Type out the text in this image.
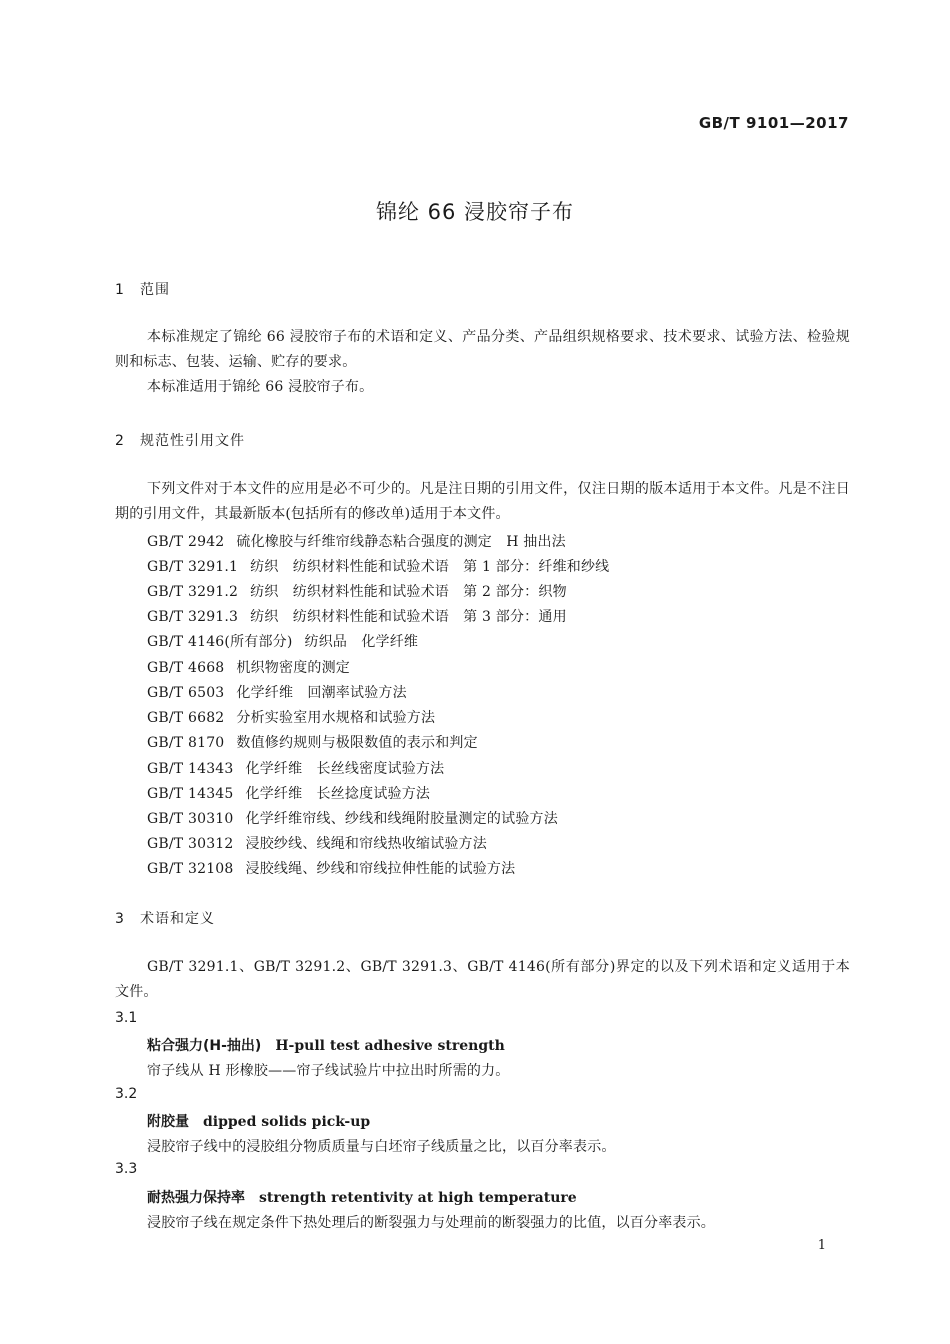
GB/T 9101—2017
锦纶 66 浸胶帘子布
1 范围
本标准规定了锦纶 66 浸胶帘子布的术语和定义、产品分类、产品组织规格要求、技术要求、试验方法、检验规则和标志、包装、运输、贮存的要求。
本标准适用于锦纶 66 浸胶帘子布。
2 规范性引用文件
下列文件对于本文件的应用是必不可少的。凡是注日期的引用文件，仅注日期的版本适用于本文件。凡是不注日期的引用文件，其最新版本(包括所有的修改单)适用于本文件。
GB/T 2942 硫化橡胶与纤维帘线静态粘合强度的测定　H 抽出法
GB/T 3291.1 纺织　纺织材料性能和试验术语　第 1 部分：纤维和纱线
GB/T 3291.2 纺织　纺织材料性能和试验术语　第 2 部分：织物
GB/T 3291.3 纺织　纺织材料性能和试验术语　第 3 部分：通用
GB/T 4146(所有部分) 纺织品　化学纤维
GB/T 4668 机织物密度的测定
GB/T 6503 化学纤维　回潮率试验方法
GB/T 6682 分析实验室用水规格和试验方法
GB/T 8170 数值修约规则与极限数值的表示和判定
GB/T 14343 化学纤维　长丝线密度试验方法
GB/T 14345 化学纤维　长丝捻度试验方法
GB/T 30310 化学纤维帘线、纱线和线绳附胶量测定的试验方法
GB/T 30312 浸胶纱线、线绳和帘线热收缩试验方法
GB/T 32108 浸胶线绳、纱线和帘线拉伸性能的试验方法
3 术语和定义
GB/T 3291.1、GB/T 3291.2、GB/T 3291.3、GB/T 4146(所有部分)界定的以及下列术语和定义适用于本文件。
3.1
粘合强力(H-抽出) H-pull test adhesive strength
帘子线从 H 形橡胶——帘子线试验片中拉出时所需的力。
3.2
附胶量 dipped solids pick-up
浸胶帘子线中的浸胶组分物质质量与白坯帘子线质量之比，以百分率表示。
3.3
耐热强力保持率 strength retentivity at high temperature
浸胶帘子线在规定条件下热处理后的断裂强力与处理前的断裂强力的比值，以百分率表示。
1
